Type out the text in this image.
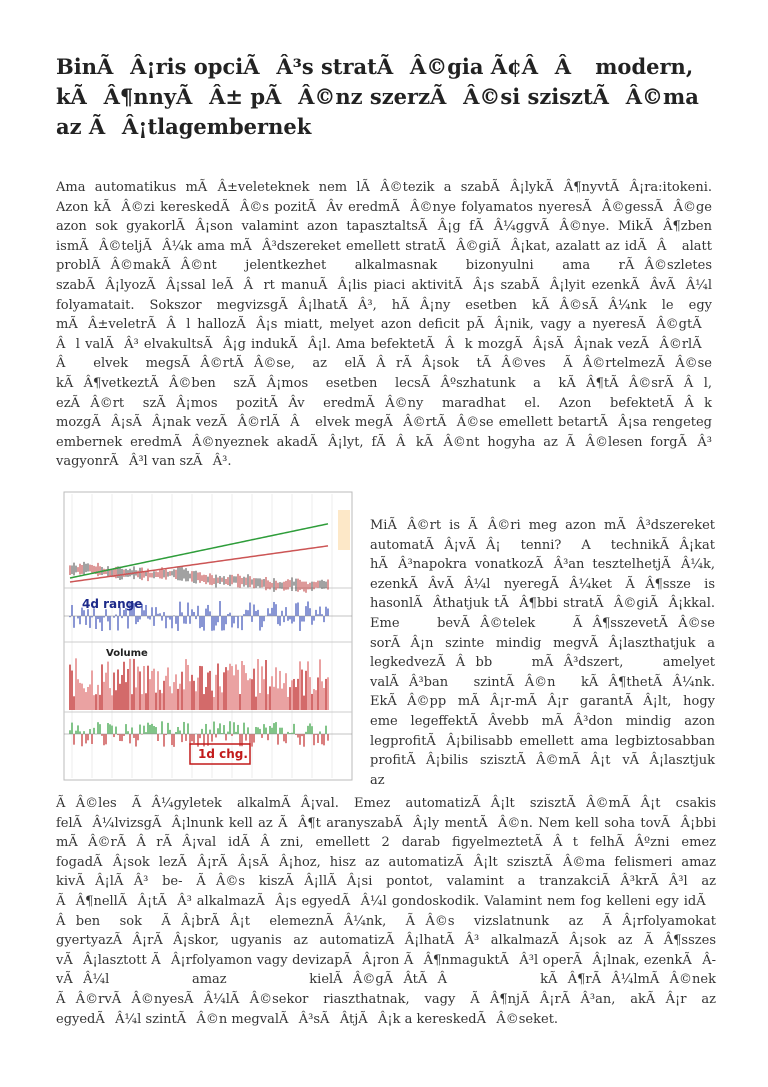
BinÃÂ¡ris opciÃÂ³s stratÃÂ©gia Ã¢ÂÂ modern, kÃÂ¶nnyÃÂ± pÃÂ©nz szerzÃÂ©si szisztÃÂ©ma az ÃÂ¡tlagembernek

Ama automatikus mÃÂ±veleteknek nem lÃÂ©tezik a szabÃÂ¡lykÃÂ¶nyvtÃÂ¡ra:itokeni. Azon kÃÂ©zi kereskedÃÂ©s pozitÃÂv eredmÃÂ©nye folyamatos nyeresÃÂ©gessÃÂ©ge azon sok gyakorlÃÂ¡son valamint azon tapasztaltsÃÂ¡g fÃÂ¼ggvÃÂ©nye. MikÃÂ¶zben ismÃÂ©teljÃÂ¼k ama mÃÂ³dszereket emellett stratÃÂ©giÃÂ¡kat, azalatt az idÃÂ alatt problÃÂ©makÃÂ©nt jelentkezhet alkalmasnak bizonyulni ama rÃÂ©szletes szabÃÂ¡lyozÃÂ¡ssal leÃÂrt manuÃÂ¡lis piaci aktivitÃÂ¡s szabÃÂ¡lyit ezenkÃÂvÃÂ¼l folyamatait. Sokszor megvizsgÃÂ¡lhatÃÂ³, hÃÂ¡ny esetben kÃÂ©sÃÂ¼nk le egy mÃÂ±veletrÃÂl hallozÃÂ¡s miatt, melyet azon deficit pÃÂ¡nik, vagy a nyeresÃÂ©gtÃÂl valÃÂ³ elvakultsÃÂ¡g indukÃÂ¡l. Ama befektetÃÂk mozgÃÂ¡sÃÂ¡nak vezÃÂ©rlÃÂ elvek megsÃÂ©rtÃÂ©se, az elÃÂrÃÂ¡sok tÃÂ©ves ÃÂ©rtelmezÃÂ©se kÃÂ¶vetkeztÃÂ©ben szÃÂ¡mos esetben lecsÃÂºszhatunk a kÃÂ¶tÃÂ©srÃÂl, ezÃÂ©rt szÃÂ¡mos pozitÃÂv eredmÃÂ©ny maradhat el. Azon befektetÃÂk mozgÃÂ¡sÃÂ¡nak vezÃÂ©rlÃÂ elvek megÃÂ©rtÃÂ©se emellett betartÃÂ¡sa rengeteg embernek eredmÃÂ©nyeznek akadÃÂ¡lyt, fÃÂkÃÂ©nt hogyha az ÃÂ©lesen forgÃÂ³ vagyonrÃÂ³l van szÃÂ³.

4d range
Volume
1d chg.

MiÃÂ©rt is ÃÂ©ri meg azon mÃÂ³dszereket automatÃÂ¡vÃÂ¡ tenni? A technikÃÂ¡kat hÃÂ³napokra vonatkozÃÂ³an tesztelhetjÃÂ¼k, ezenkÃÂvÃÂ¼l nyeregÃÂ¼ket ÃÂ¶ssze is hasonlÃÂthatjuk tÃÂ¶bbi stratÃÂ©giÃÂ¡kkal. Eme bevÃÂ©telek ÃÂ¶sszevetÃÂ©se sorÃÂ¡n szinte mindig megvÃÂ¡laszthatjuk a legkedvezÃÂbb mÃÂ³dszert, amelyet valÃÂ³ban szintÃÂ©n kÃÂ¶thetÃÂ¼nk. EkÃÂ©pp mÃÂ¡r-mÃÂ¡r garantÃÂ¡lt, hogy eme legeffektÃÂvebb mÃÂ³don mindig azon legprofitÃÂ¡bilisabb emellett ama legbiztosabban profitÃÂ¡bilis szisztÃÂ©mÃÂ¡t vÃÂ¡lasztjuk az

ÃÂ©les ÃÂ¼gyletek alkalmÃÂ¡val. Emez automatizÃÂ¡lt szisztÃÂ©mÃÂ¡t csakis felÃÂ¼lvizsgÃÂ¡lnunk kell az ÃÂ¶t aranyszabÃÂ¡ly mentÃÂ©n. Nem kell soha tovÃÂ¡bbi mÃÂ©rÃÂrÃÂ¡val idÃÂzni, emellett 2 darab figyelmeztetÃÂt felhÃÂºzni emez fogadÃÂ¡sok lezÃÂ¡rÃÂ¡sÃÂ¡hoz, hisz az automatizÃÂ¡lt szisztÃÂ©ma felismeri amaz kivÃÂ¡lÃÂ³ be- ÃÂ©s kiszÃÂ¡llÃÂ¡si pontot, valamint a tranzakciÃÂ³krÃÂ³l az ÃÂ¶nellÃÂ¡tÃÂ³ alkalmazÃÂ¡s egyedÃÂ¼l gondoskodik. Valamint nem fog kelleni egy idÃÂben sok ÃÂ¡brÃÂ¡t elemeznÃÂ¼nk, ÃÂ©s vizslatnunk az ÃÂ¡rfolyamokat gyertyazÃÂ¡rÃÂ¡skor, ugyanis az automatizÃÂ¡lhatÃÂ³ alkalmazÃÂ¡sok az ÃÂ¶sszes vÃÂ¡lasztott ÃÂ¡rfolyamon vagy devizapÃÂ¡ron ÃÂ¶nmaguktÃÂ³l operÃÂ¡lnak, ezenkÃÂvÃÂ¼l amaz kielÃÂ©gÃÂtÃÂ kÃÂ¶rÃÂ¼lmÃÂ©nek ÃÂ©rvÃÂ©nyesÃÂ¼lÃÂ©sekor riaszthatnak, vagy ÃÂ¶njÃÂ¡rÃÂ³an, akÃÂ¡r az egyedÃÂ¼l szintÃÂ©n megvalÃÂ³sÃÂtjÃÂ¡k a kereskedÃÂ©seket.
